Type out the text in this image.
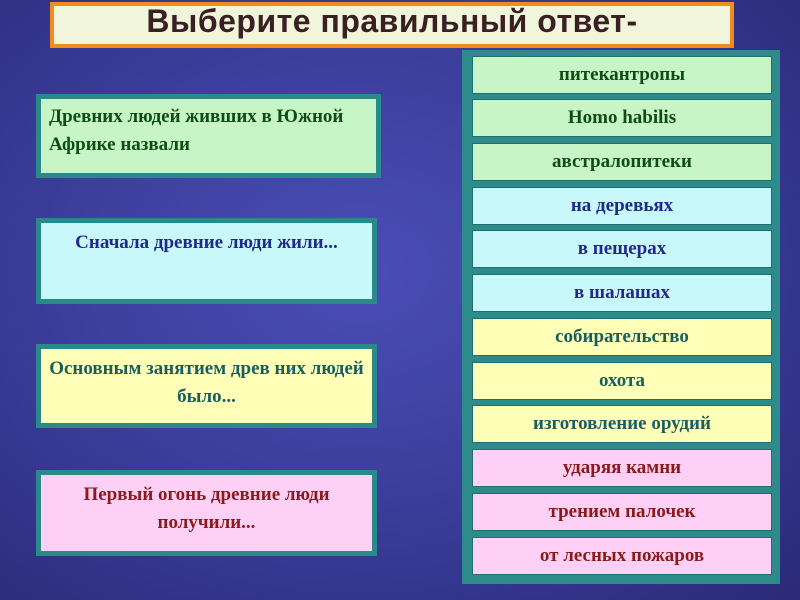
Выберите правильный ответ-
Древних людей живших в Южной Африке назвали
Сначала древние люди жили...
Основным занятием древ них людей было...
Первый огонь древние люди получили...
питекантропы
Homo habilis
австралопитеки
на деревьях
в пещерах
в шалашах
собирательство
охота
изготовление орудий
ударяя камни
трением палочек
от лесных пожаров
